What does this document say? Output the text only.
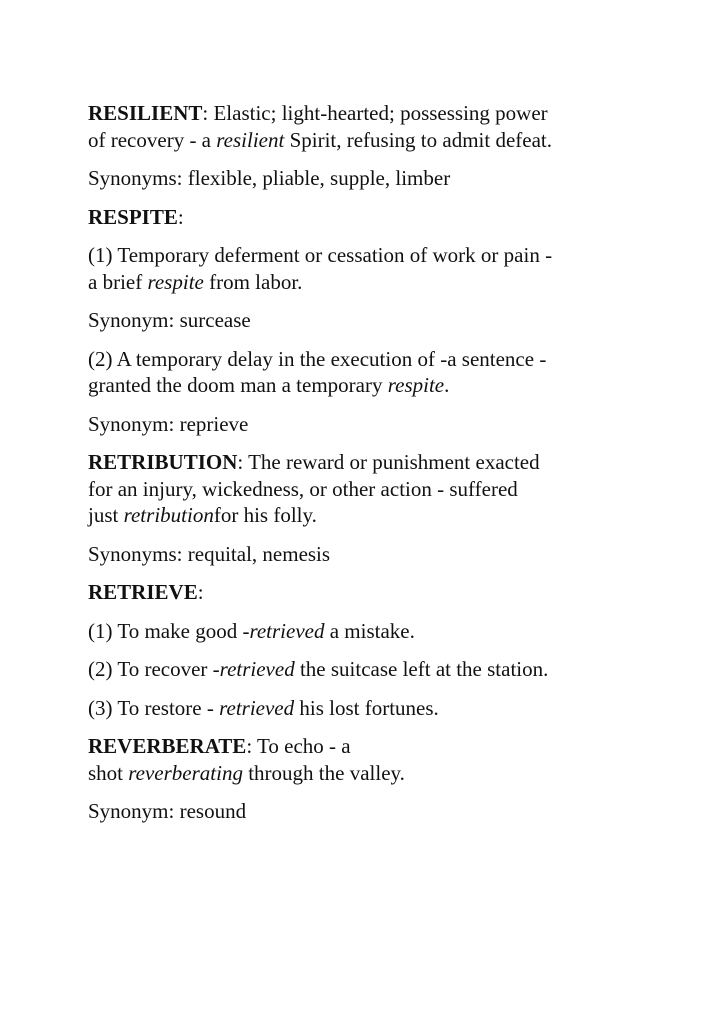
RESILIENT: Elastic; light-hearted; possessing power
of recovery - a resilient Spirit, refusing to admit defeat.

Synonyms: flexible, pliable, supple, limber

RESPITE:

(1) Temporary deferment or cessation of work or pain -
a brief respite from labor.

Synonym: surcease

(2) A temporary delay in the execution of -a sentence -
granted the doom man a temporary respite.

Synonym: reprieve

RETRIBUTION: The reward or punishment exacted
for an injury, wickedness, or other action - suffered
just retributionfor his folly.

Synonyms: requital, nemesis

RETRIEVE:

(1) To make good -retrieved a mistake.

(2) To recover -retrieved the suitcase left at the station.

(3) To restore - retrieved his lost fortunes.

REVERBERATE: To echo - a
shot reverberating through the valley.

Synonym: resound
